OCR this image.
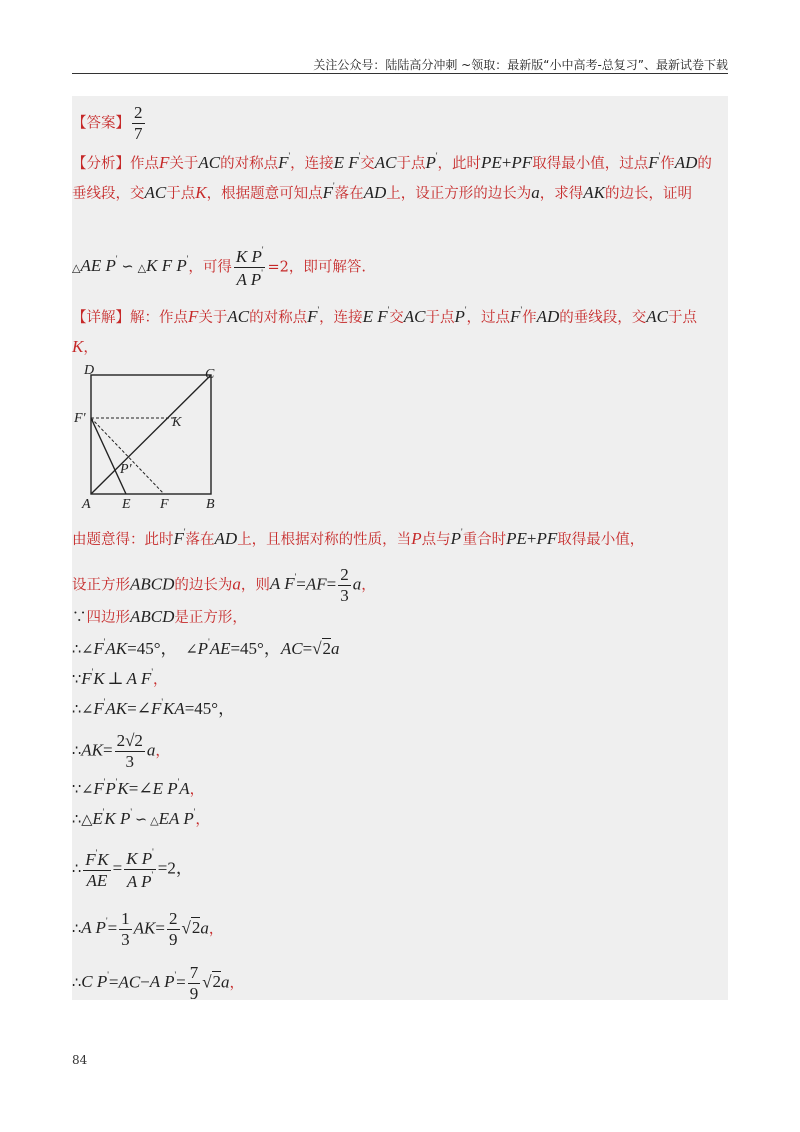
关注公众号：陆陆高分冲刺 ~领取：最新版“小中高考-总复习”、最新试卷下载
【答案】 $\frac{2}{7}$
【分析】作点F关于AC的对称点F'，连接E F'交AC于点P'，此时PE+PF取得最小值，过点F'作AD的
垂线段，交AC于点K，根据题意可知点F'落在AD上，设正方形的边长为a，求得AK的边长，证明
△AE P' ∽ △K F P'，可得 $\frac{K P'}{A P'} =2$，即可解答.
【详解】解：作点F关于AC的对称点F'，连接E F'交AC于点P'，过点F'作AD的垂线段，交AC于点
K，
D	C
F'	K
P'
A E F	B
由题意得：此时F'落在AD上，且根据对称的性质，当P点与P'重合时PE+PF取得最小值，
设正方形ABCD的边长为a，则A $F'=AF= \frac{2}{3}$ a，
∵四边形ABCD是正方形，
∴∠F'AK=45°， ∠P'AE=45°，AC=√2a
∵F'K ⊥ A F'，
∴∠F'AK=∠F'KA=45°，
∴AK= $\frac{2√2}{3}$ a，
∵∠F'P'K=∠E P'A，
∴△E'K P' ∽ △EA P'，
∴ $\frac{F'K}{AE} = \frac{K P'}{A P'} =2$，
∴A $P'= \frac{1}{3} AK= \frac{2}{9} √2a$，
∴C P'=AC−A $P'= \frac{7}{9} √2a$，
84
